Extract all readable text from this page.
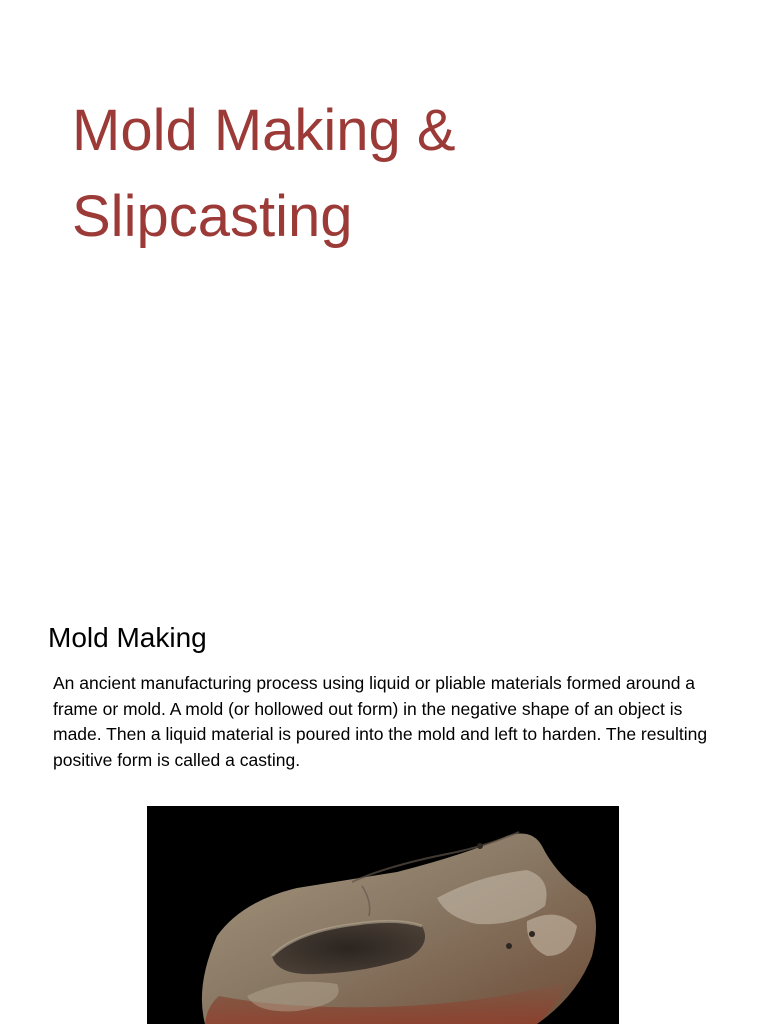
Mold Making & Slipcasting
Mold Making

An ancient manufacturing process using liquid or pliable materials formed around a frame or mold. A mold (or hollowed out form) in the negative shape of an object is made. Then a liquid material is poured into the mold and left to harden. The resulting positive form is called a casting.
